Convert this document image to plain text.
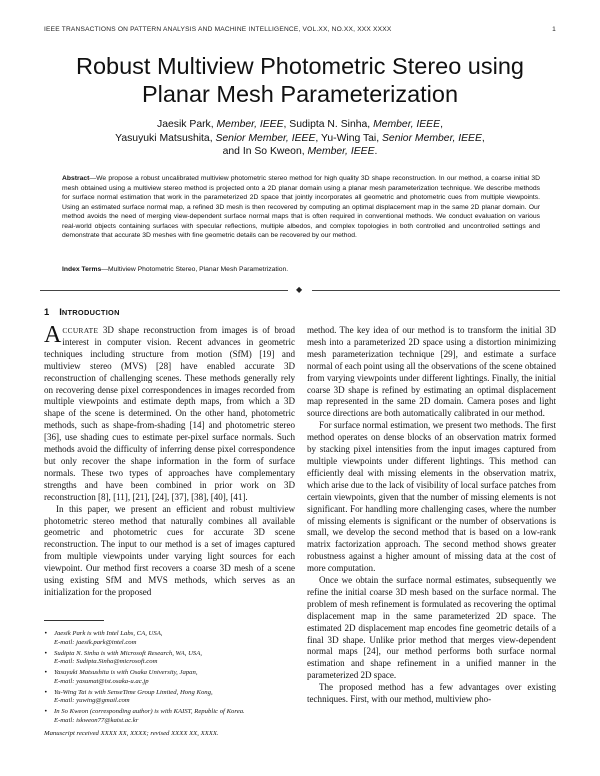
IEEE TRANSACTIONS ON PATTERN ANALYSIS AND MACHINE INTELLIGENCE, VOL.XX, NO.XX, XXX XXXX	1
Robust Multiview Photometric Stereo using
Planar Mesh Parameterization
Jaesik Park, Member, IEEE, Sudipta N. Sinha, Member, IEEE,
Yasuyuki Matsushita, Senior Member, IEEE, Yu-Wing Tai, Senior Member, IEEE,
and In So Kweon, Member, IEEE.
Abstract—We propose a robust uncalibrated multiview photometric stereo method for high quality 3D shape reconstruction. In our method, a coarse initial 3D mesh obtained using a multiview stereo method is projected onto a 2D planar domain using a planar mesh parameterization technique. We describe methods for surface normal estimation that work in the parameterized 2D space that jointly incorporates all geometric and photometric cues from multiple viewpoints. Using an estimated surface normal map, a refined 3D mesh is then recovered by computing an optimal displacement map in the same 2D planar domain. Our method avoids the need of merging view-dependent surface normal maps that is often required in conventional methods. We conduct evaluation on various real-world objects containing surfaces with specular reflections, multiple albedos, and complex topologies in both controlled and uncontrolled settings and demonstrate that accurate 3D meshes with fine geometric details can be recovered by our method.
Index Terms—Multiview Photometric Stereo, Planar Mesh Parametrization.
◆
1 INTRODUCTION

ACCURATE 3D shape reconstruction from images is of broad interest in computer vision. Recent advances in geometric techniques including structure from motion (SfM) [19] and multiview stereo (MVS) [28] have enabled accurate 3D reconstruction of challenging scenes. These methods generally rely on recovering dense pixel correspondences in images recorded from multiple viewpoints and estimate depth maps, from which a 3D shape of the scene is determined. On the other hand, photometric methods, such as shape-from-shading [14] and photometric stereo [36], use shading cues to estimate per-pixel surface normals. Such methods avoid the difficulty of inferring dense pixel correspondence but only recover the shape information in the form of surface normals. These two types of approaches have complementary strengths and have been combined in prior work on 3D reconstruction [8], [11], [21], [24], [37], [38], [40], [41].

In this paper, we present an efficient and robust multiview photometric stereo method that naturally combines all available geometric and photometric cues for accurate 3D scene reconstruction. The input to our method is a set of images captured from multiple viewpoints under varying light sources for each viewpoint. Our method first recovers a coarse 3D mesh of a scene using existing SfM and MVS methods, which serves as an initialization for the proposed

• Jaesik Park is with Intel Labs, CA, USA,
E-mail: jaesik.park@intel.com
• Sudipta N. Sinha is with Microsoft Research, WA, USA,
E-mail: Sudipta.Sinha@microsoft.com
• Yasuyuki Matsushita is with Osaka University, Japan,
E-mail: yasumat@ist.osaka-u.ac.jp
• Yu-Wing Tai is with SenseTime Group Limited, Hong Kong,
E-mail: yuwing@gmail.com
• In So Kweon (corresponding author) is with KAIST, Republic of Korea.
E-mail: iskweon77@kaist.ac.kr
Manuscript received XXXX XX, XXXX; revised XXXX XX, XXXX.

method. The key idea of our method is to transform the initial 3D mesh into a parameterized 2D space using a distortion minimizing mesh parameterization technique [29], and estimate a surface normal of each point using all the observations of the scene obtained from varying viewpoints under different lightings. Finally, the initial coarse 3D shape is refined by estimating an optimal displacement map represented in the same 2D domain. Camera poses and light source directions are both automatically calibrated in our method.

For surface normal estimation, we present two methods. The first method operates on dense blocks of an observation matrix formed by stacking pixel intensities from the input images captured from multiple viewpoints under different lightings. This method can efficiently deal with missing elements in the observation matrix, which arise due to the lack of visibility of local surface patches from certain viewpoints, given that the number of missing elements is not significant. For handling more challenging cases, where the number of missing elements is significant or the number of observations is small, we develop the second method that is based on a low-rank matrix factorization approach. The second method shows greater robustness against a higher amount of missing data at the cost of more computation.

Once we obtain the surface normal estimates, subsequently we refine the initial coarse 3D mesh based on the surface normal. The problem of mesh refinement is formulated as recovering the optimal displacement map in the same parameterized 2D space. The estimated 2D displacement map encodes fine geometric details of a final 3D shape. Unlike prior method that merges view-dependent normal maps [24], our method performs both surface normal estimation and shape refinement in a unified manner in the parameterized 2D space.

The proposed method has a few advantages over existing techniques. First, with our method, multiview pho-
